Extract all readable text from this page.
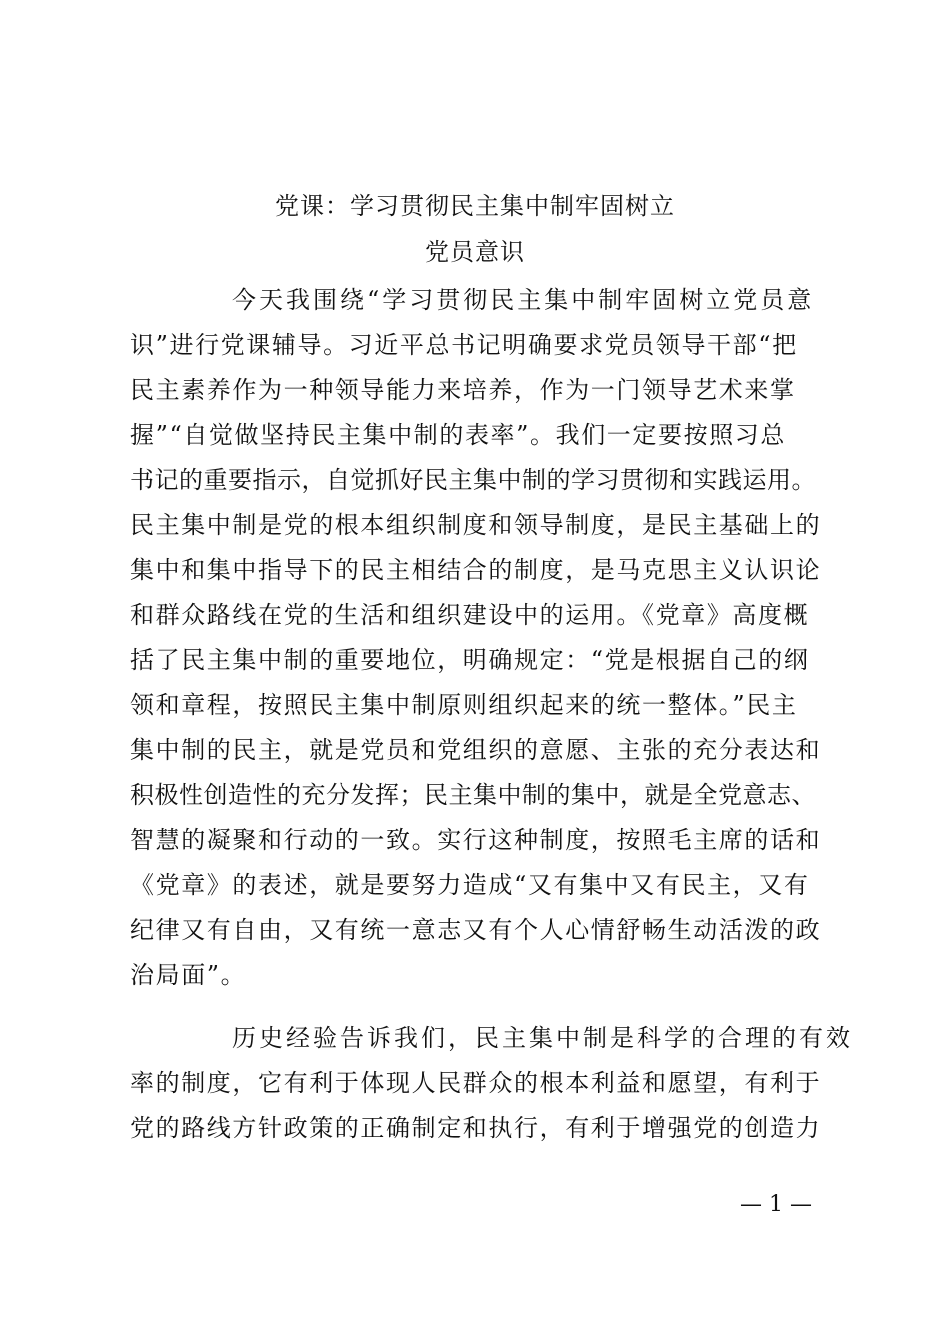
党课：学习贯彻民主集中制牢固树立
党员意识
今天我围绕“学习贯彻民主集中制牢固树立党员意
识”进行党课辅导。习近平总书记明确要求党员领导干部“把
民主素养作为一种领导能力来培养，作为一门领导艺术来掌
握”“自觉做坚持民主集中制的表率”。我们一定要按照习总
书记的重要指示，自觉抓好民主集中制的学习贯彻和实践运用。
民主集中制是党的根本组织制度和领导制度，是民主基础上的
集中和集中指导下的民主相结合的制度，是马克思主义认识论
和群众路线在党的生活和组织建设中的运用。《党章》高度概
括了民主集中制的重要地位，明确规定：“党是根据自己的纲
领和章程，按照民主集中制原则组织起来的统一整体。”民主
集中制的民主，就是党员和党组织的意愿、主张的充分表达和
积极性创造性的充分发挥；民主集中制的集中，就是全党意志、
智慧的凝聚和行动的一致。实行这种制度，按照毛主席的话和
《党章》的表述，就是要努力造成“又有集中又有民主，又有
纪律又有自由，又有统一意志又有个人心情舒畅生动活泼的政
治局面”。
历史经验告诉我们，民主集中制是科学的合理的有效
率的制度，它有利于体现人民群众的根本利益和愿望，有利于
党的路线方针政策的正确制定和执行，有利于增强党的创造力
— 1 —
